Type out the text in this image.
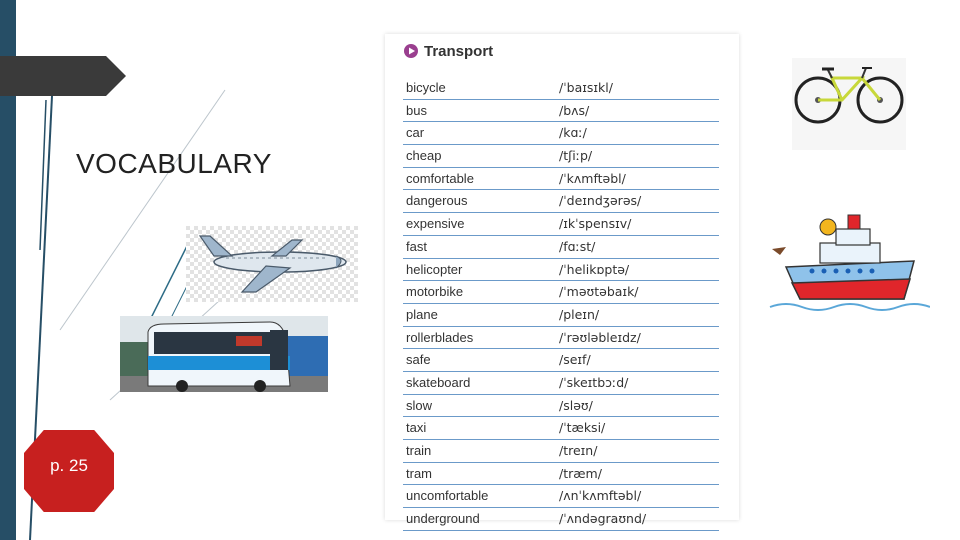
VOCABULARY
p. 25
Transport
bicycle	/ˈbaɪsɪkl/
bus	/bʌs/
car	/kɑː/
cheap	/tʃiːp/
comfortable	/ˈkʌmftəbl/
dangerous	/ˈdeɪndʒərəs/
expensive	/ɪkˈspensɪv/
fast	/fɑːst/
helicopter	/ˈhelikɒptə/
motorbike	/ˈməʊtəbaɪk/
plane	/pleɪn/
rollerblades	/ˈrəʊləbleɪdz/
safe	/seɪf/
skateboard	/ˈskeɪtbɔːd/
slow	/sləʊ/
taxi	/ˈtæksi/
train	/treɪn/
tram	/træm/
uncomfortable	/ʌnˈkʌmftəbl/
underground	/ˈʌndəgraʊnd/
